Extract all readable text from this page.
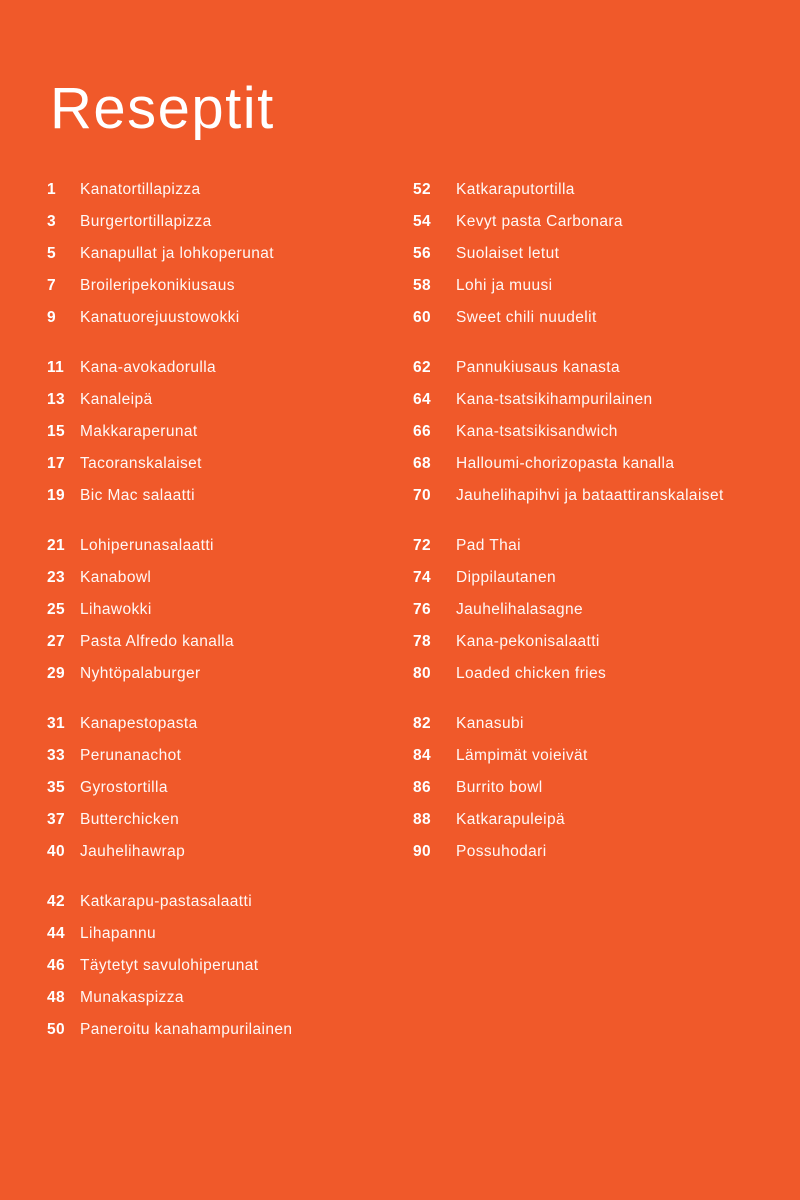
Reseptit
1	Kanatortillapizza
3	Burgertortillapizza
5	Kanapullat ja lohkoperunat
7	Broileripekonikiusaus
9	Kanatuorejuustowokki
11	Kana-avokadorulla
13 Kanaleipä
15 Makkaraperunat
17 Tacoranskalaiset
19 Bic Mac salaatti
21 Lohiperunasalaatti
23 Kanabowl
25 Lihawokki
27 Pasta Alfredo kanalla
29 Nyhtöpalaburger
31 Kanapestopasta
33 Perunanachot
35 Gyrostortilla
37 Butterchicken
40 Jauhelihawrap
42 Katkarapu-pastasalaatti
44 Lihapannu
46 Täytetyt savulohiperunat
48 Munakaspizza
50 Paneroitu kanahampurilainen
52	Katkaraputortilla
54	Kevyt pasta Carbonara
56	Suolaiset letut
58	Lohi ja muusi
60	Sweet chili nuudelit
62	Pannukiusaus kanasta
64	Kana-tsatsikihampurilainen
66	Kana-tsatsikisandwich
68	Halloumi-chorizopasta kanalla
70	Jauhelihapihvi ja bataattiranskalaiset
72	Pad Thai
74	Dippilautanen
76	Jauhelihalasagne
78	Kana-pekonisalaatti
80	Loaded chicken fries
82	Kanasubi
84	Lämpimät voieivät
86	Burrito bowl
88	Katkarapuleipä
90	Possuhodari
